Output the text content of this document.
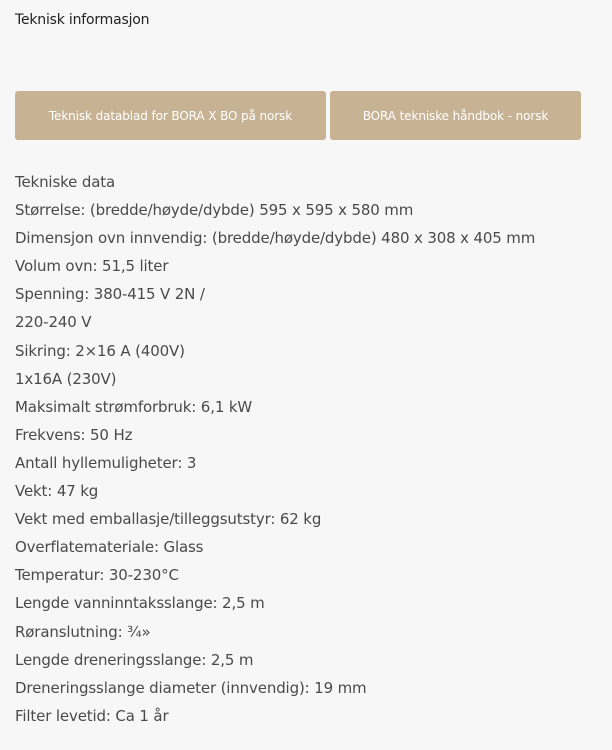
Teknisk informasjon
Teknisk datablad for BORA X BO på norsk	BORA tekniske håndbok - norsk
Tekniske data
Størrelse: (bredde/høyde/dybde) 595 x 595 x 580 mm
Dimensjon ovn innvendig: (bredde/høyde/dybde) 480 x 308 x 405 mm
Volum ovn: 51,5 liter
Spenning: 380-415 V 2N /
220-240 V
Sikring: 2×16 A (400V)
1x16A (230V)
Maksimalt strømforbruk: 6,1 kW
Frekvens: 50 Hz
Antall hyllemuligheter: 3
Vekt: 47 kg
Vekt med emballasje/tilleggsutstyr: 62 kg
Overflatemateriale: Glass
Temperatur: 30-230°C
Lengde vanninntaksslange: 2,5 m
Røranslutning: ¾»
Lengde dreneringsslange: 2,5 m
Dreneringsslange diameter (innvendig): 19 mm
Filter levetid: Ca 1 år
